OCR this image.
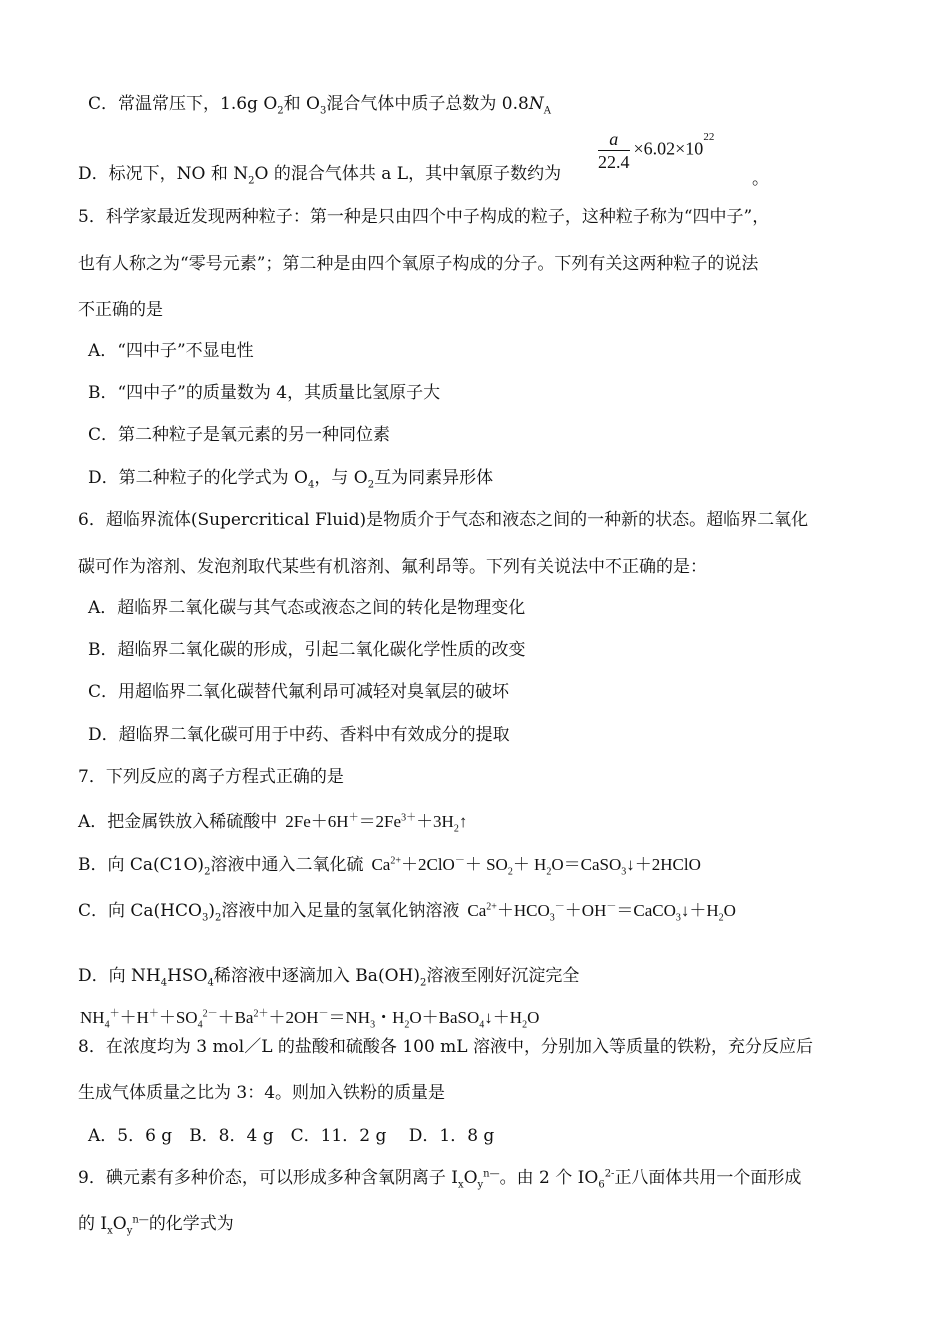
C．常温常压下，1.6g $O_2$和 $O_3$混合气体中质子总数为 $0.8N_A$
D．标况下，NO 和 $N_2O$ 的混合气体共 a L，其中氧原子数约为
$\frac{a}{22.4} \times 6.02\times 10^{22}$
。
5．科学家最近发现两种粒子：第一种是只由四个中子构成的粒子，这种粒子称为“四中子”，
也有人称之为“零号元素”；第二种是由四个氧原子构成的分子。下列有关这两种粒子的说法
不正确的是
A．“四中子”不显电性
B．“四中子”的质量数为 4，其质量比氢原子大
C．第二种粒子是氧元素的另一种同位素
D．第二种粒子的化学式为 $O_4$，与 $O_2$互为同素异形体
6．超临界流体(Supercritical Fluid)是物质介于气态和液态之间的一种新的状态。超临界二氧化
碳可作为溶剂、发泡剂取代某些有机溶剂、氟利昂等。下列有关说法中不正确的是：
A．超临界二氧化碳与其气态或液态之间的转化是物理变化
B．超临界二氧化碳的形成，引起二氧化碳化学性质的改变
C．用超临界二氧化碳替代氟利昂可减轻对臭氧层的破坏
D．超临界二氧化碳可用于中药、香料中有效成分的提取
7．下列反应的离子方程式正确的是
A．把金属铁放入稀硫酸中 $2Fe+6H^+=2Fe^{3+}+3H_2↑$
B．向 $Ca(C1O)_2$溶液中通入二氧化硫 $Ca^{2+}+2ClO^-+ SO_2+$ $H_2O=CaSO_3↓+2HClO$
C．向 $Ca(HCO_3)_2$溶液中加入足量的氢氧化钠溶液 $Ca^{2+}+HCO_3^-+OH^-=CaCO_3↓+H_2O$
D．向 $NH_4HSO_4$稀溶液中逐滴加入 $Ba(OH)_2$溶液至刚好沉淀完全
$NH_4^++H^++SO_4^{2-}+Ba^{2+}+2OH^-=NH_3$・$H_2O+BaSO_4↓+H_2O$
8．在浓度均为 3 mol／L 的盐酸和硫酸各 100 mL 溶液中，分别加入等质量的铁粉，充分反应后
生成气体质量之比为 3：4。则加入铁粉的质量是
A．5．6 g　B．8．4 g　C．11．2 g　 D．1．8 g
9．碘元素有多种价态，可以形成多种含氧阴离子 $I_xO_y^{n—}$。由 2 个 $IO_6^{2-}$正八面体共用一个面形成
的 $I_xO_y^{n—}$的化学式为
